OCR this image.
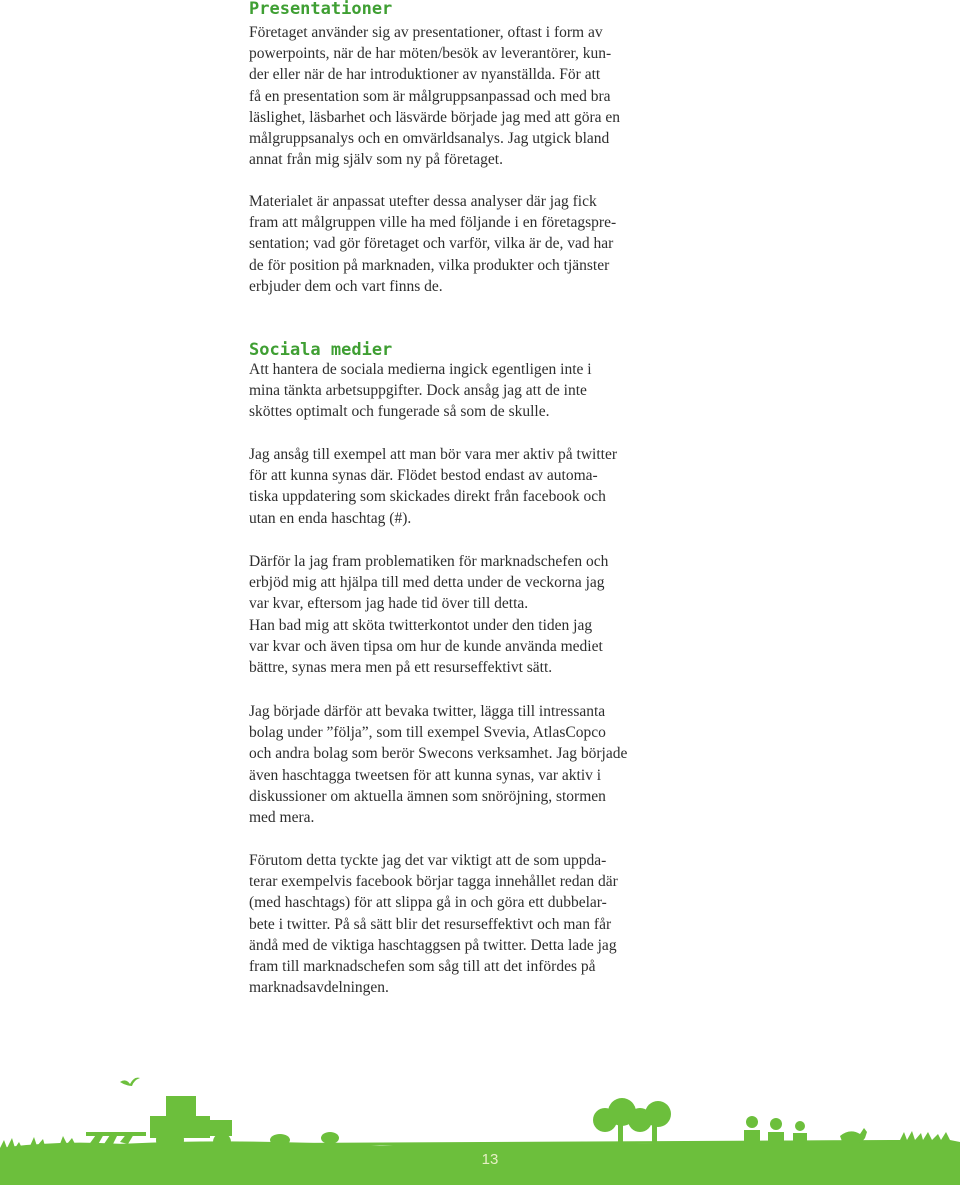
Presentationer
Företaget använder sig av presentationer, oftast i form av
powerpoints, när de har möten/besök av leverantörer, kun-
der eller när de har introduktioner av nyanställda. För att
få en presentation som är målgruppsanpassad och med bra
läslighet, läsbarhet och läsvärde började jag med att göra en
målgruppsanalys och en omvärldsanalys. Jag utgick bland
annat från mig själv som ny på företaget.
Materialet är anpassat utefter dessa analyser där jag fick
fram att målgruppen ville ha med följande i en företagspre-
sentation; vad gör företaget och varför, vilka är de, vad har
de för position på marknaden, vilka produkter och tjänster
erbjuder dem och vart finns de.
Sociala medier
Att hantera de sociala medierna ingick egentligen inte i
mina tänkta arbetsuppgifter. Dock ansåg jag att de inte
sköttes optimalt och fungerade så som de skulle.
Jag ansåg till exempel att man bör vara mer aktiv på twitter
för att kunna synas där. Flödet bestod endast av automa-
tiska uppdatering som skickades direkt från facebook och
utan en enda haschtag (#).
Därför la jag fram problematiken för marknadschefen och
erbjöd mig att hjälpa till med detta under de veckorna jag
var kvar, eftersom jag hade tid över till detta.
Han bad mig att sköta twitterkontot under den tiden jag
var kvar och även tipsa om hur de kunde använda mediet
bättre, synas mera men på ett resurseffektivt sätt.
Jag började därför att bevaka twitter, lägga till intressanta
bolag under ”följa”, som till exempel Svevia, AtlasCopco
och andra bolag som berör Swecons verksamhet. Jag började
även haschtagga tweetsen för att kunna synas, var aktiv i
diskussioner om aktuella ämnen som snöröjning, stormen
med mera.
Förutom detta tyckte jag det var viktigt att de som uppda-
terar exempelvis facebook börjar tagga innehållet redan där
(med haschtags) för att slippa gå in och göra ett dubbelar-
bete i twitter. På så sätt blir det resurseffektivt och man får
ändå med de viktiga haschtaggsen på twitter. Detta lade jag
fram till marknadschefen som såg till att det infördes på
marknadsavdelningen.
13
